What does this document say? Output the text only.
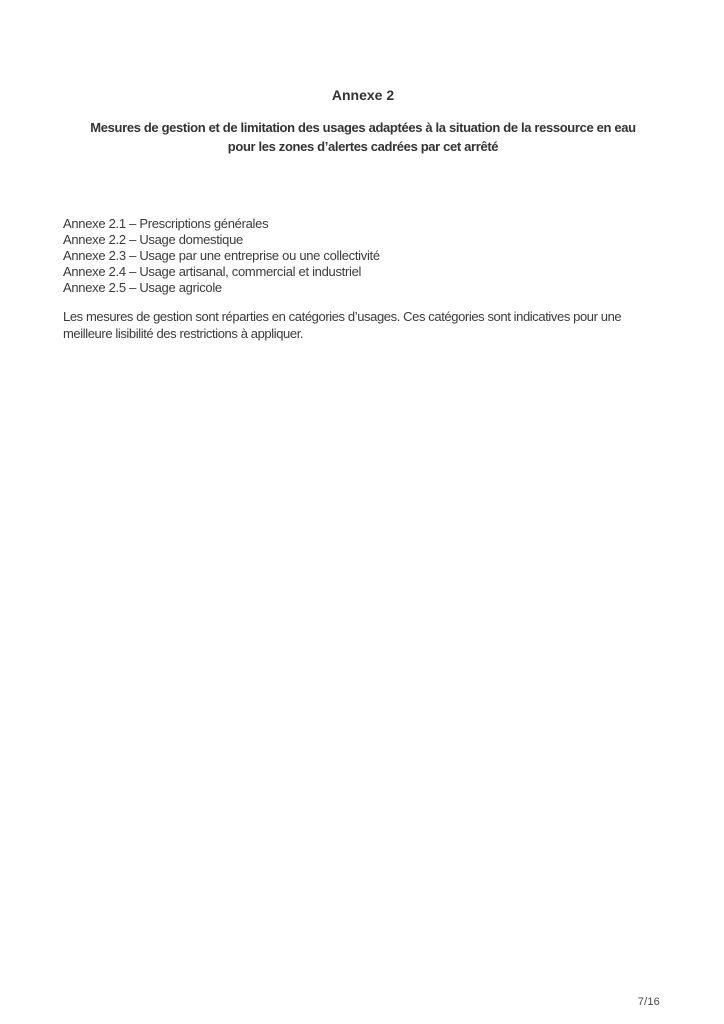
Annexe 2
Mesures de gestion et de limitation des usages adaptées à la situation de la ressource en eau
pour les zones d’alertes cadrées par cet arrêté
Annexe 2.1 – Prescriptions générales
Annexe 2.2 – Usage domestique
Annexe 2.3 – Usage par une entreprise ou une collectivité
Annexe 2.4 – Usage artisanal, commercial et industriel
Annexe 2.5 – Usage agricole
Les mesures de gestion sont réparties en catégories d’usages. Ces catégories sont indicatives pour une meilleure lisibilité des restrictions à appliquer.
7/16
